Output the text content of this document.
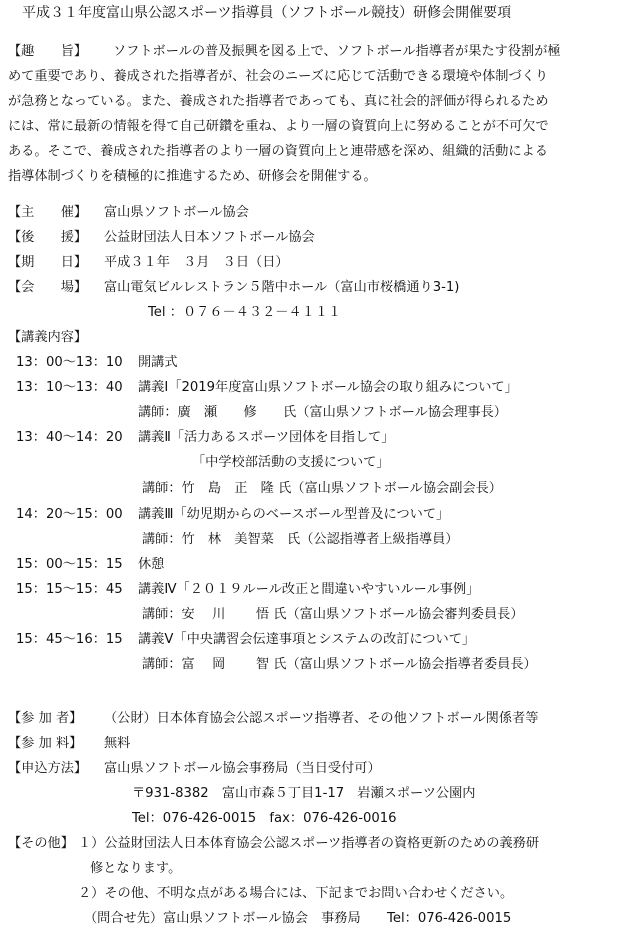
平成３１年度富山県公認スポーツ指導員（ソフトボール競技）研修会開催要項
【趣　　旨】 ソフトボールの普及振興を図る上で、ソフトボール指導者が果たす役割が極
めて重要であり、養成された指導者が、社会のニーズに応じて活動できる環境や体制づくり
が急務となっている。また、養成された指導者であっても、真に社会的評価が得られるため
には、常に最新の情報を得て自己研鑽を重ね、より一層の資質向上に努めることが不可欠で
ある。そこで、養成された指導者のより一層の資質向上と連帯感を深め、組織的活動による
指導体制づくりを積極的に推進するため、研修会を開催する。
【主　　催】 富山県ソフトボール協会
【後　　援】 公益財団法人日本ソフトボール協会
【期　　日】 平成３１年　３月　３日（日）
【会　　場】 富山電気ビルレストラン５階中ホール（富山市桜橋通り3-1)
Tel ：０７６－４３２－４１１１
【講義内容】
13：00～13：10 開講式
13：10～13：40 講義Ⅰ「2019年度富山県ソフトボール協会の取り組みについて」
講師：廣　瀬　　修　　氏（富山県ソフトボール協会理事長）
13：40～14：20 講義Ⅱ「活力あるスポーツ団体を目指して」
「中学校部活動の支援について」
講師：竹　島　正　隆 氏（富山県ソフトボール協会副会長）
14：20～15：00 講義Ⅲ「幼児期からのベースボール型普及について」
講師：竹　林　美智菜　氏（公認指導者上級指導員）
15：00～15：15 休憩
15：15～15：45 講義Ⅳ「２０１９ルール改正と間違いやすいルール事例」
講師：安　 川　　 悟 氏（富山県ソフトボール協会審判委員長）
15：45～16：15 講義Ⅴ「中央講習会伝達事項とシステムの改訂について」
講師：富　 岡　　 智 氏（富山県ソフトボール協会指導者委員長）
【参 加 者】 （公財）日本体育協会公認スポーツ指導者、その他ソフトボール関係者等
【参 加 料】 無料
【申込方法】 富山県ソフトボール協会事務局（当日受付可）
〒931-8382　富山市森５丁目1-17　岩瀬スポーツ公園内
Tel：076-426-0015　fax：076-426-0016
【その他】 １）公益財団法人日本体育協会公認スポーツ指導者の資格更新のための義務研
修となります。
２）その他、不明な点がある場合には、下記までお問い合わせください。
（問合せ先）富山県ソフトボール協会　事務局　　Tel：076-426-0015
